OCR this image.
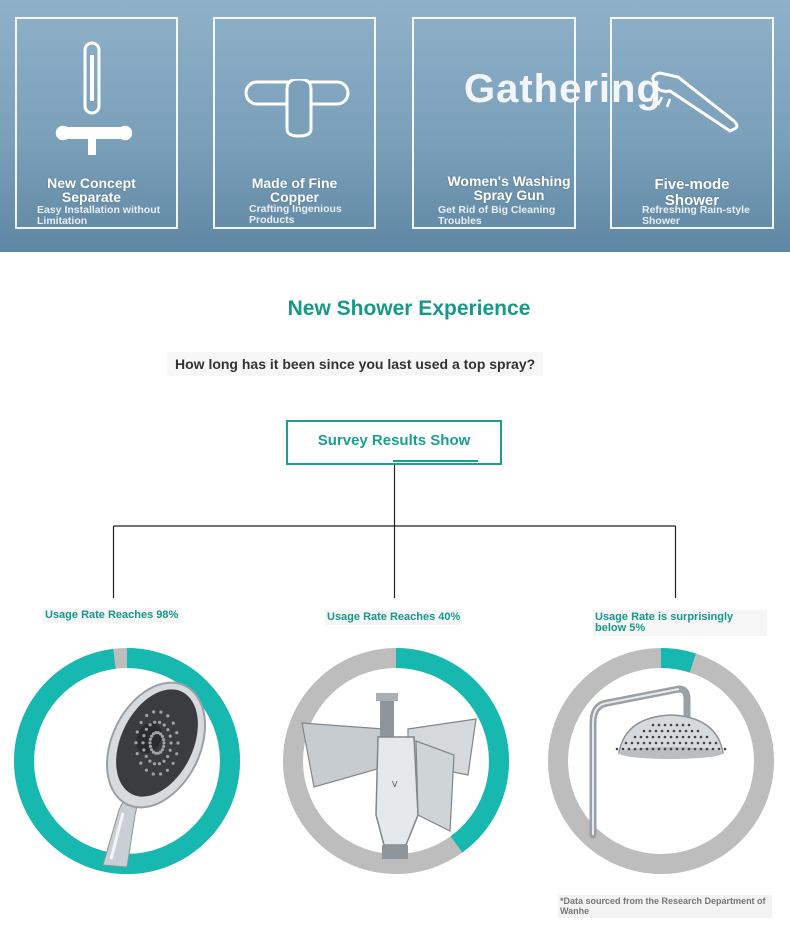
New Concept Separate
Easy Installation without Limitation
Made of Fine Copper
Crafting Ingenious Products
Women's Washing Spray Gun
Get Rid of Big Cleaning Troubles
Five-mode Shower
Refreshing Rain-style Shower
Gathering
New Shower Experience
How long has it been since you last used a top spray?
Survey Results Show
Usage Rate Reaches 98%	Usage Rate Reaches 40%	Usage Rate is surprisingly below 5%
V
*Data sourced from the Research Department of Wanhe
